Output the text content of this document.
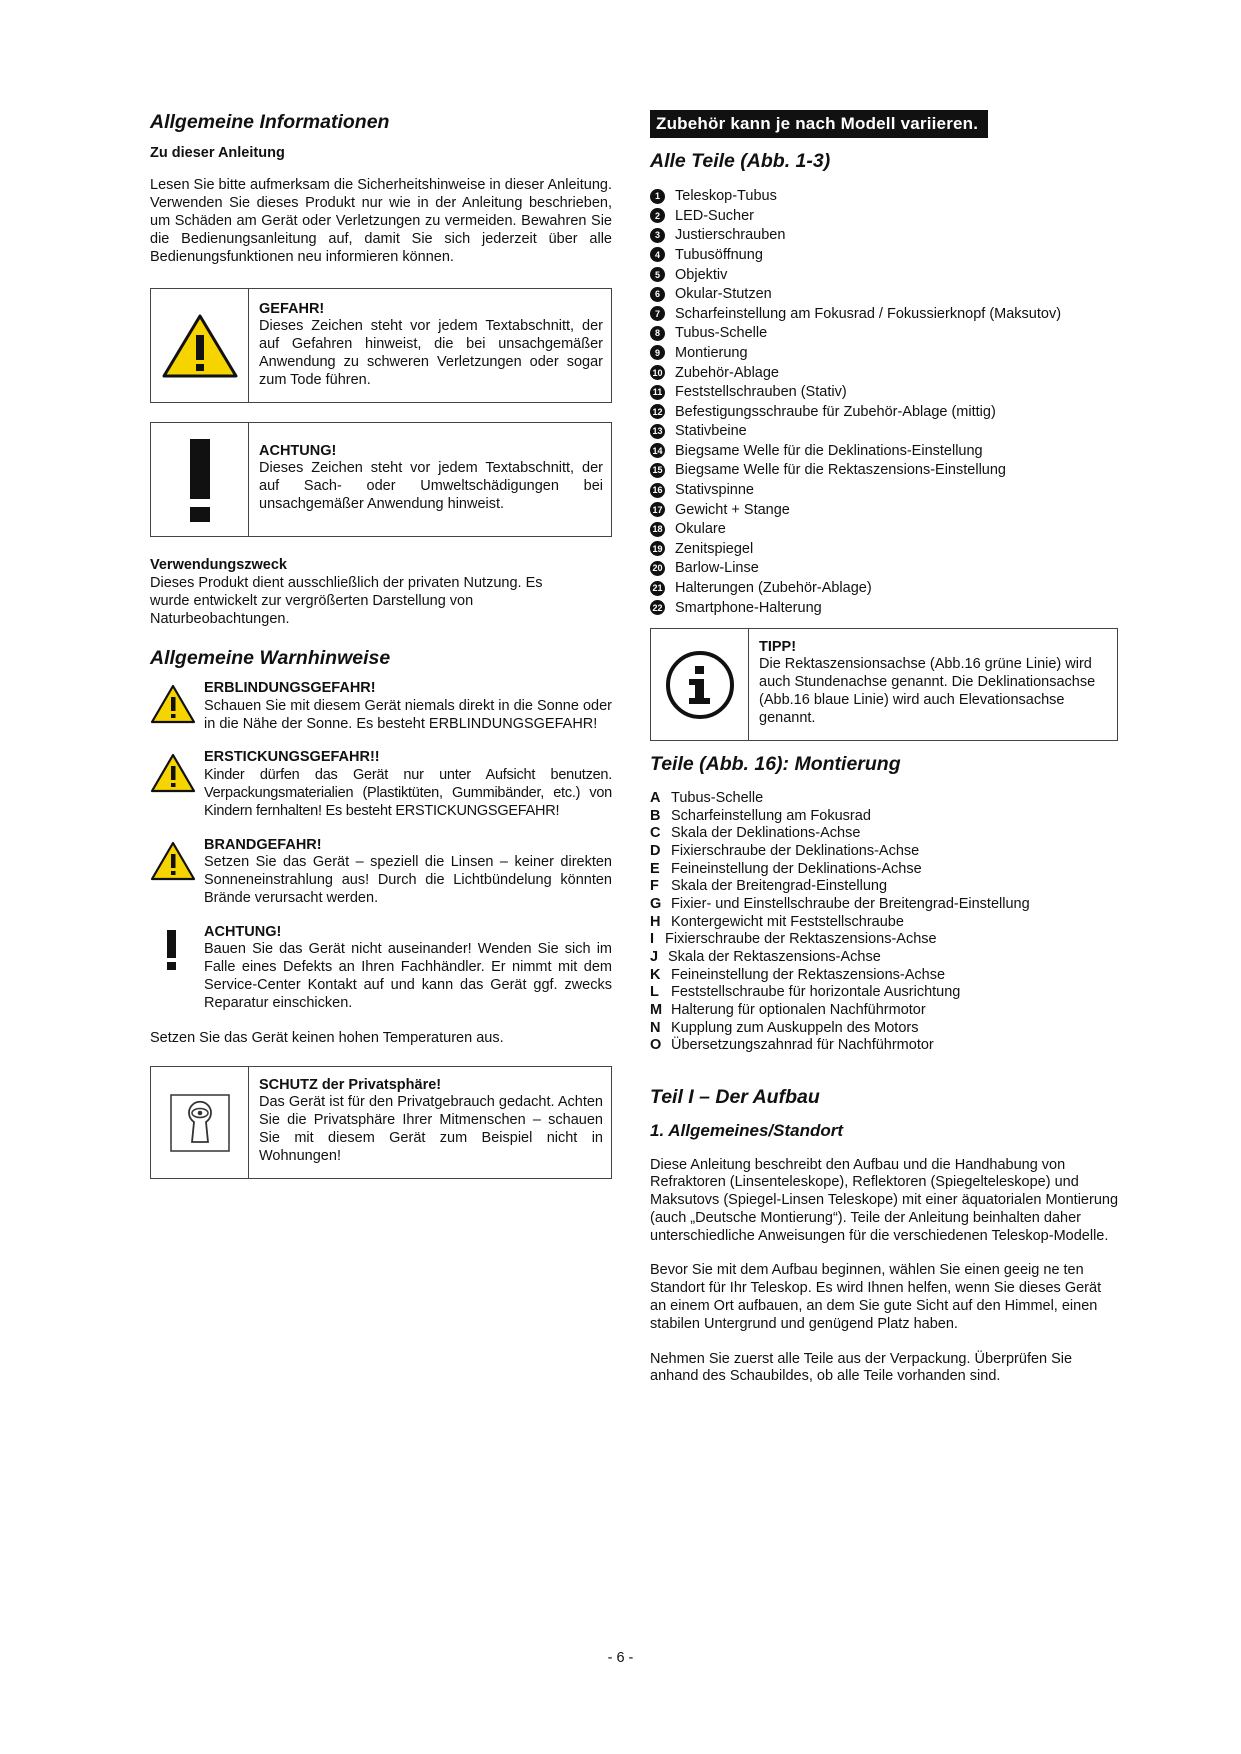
Allgemeine Informationen
Zu dieser Anleitung

Lesen Sie bitte aufmerksam die Sicherheitshinweise in dieser Anleitung. Verwenden Sie dieses Produkt nur wie in der Anleitung beschrieben, um Schäden am Gerät oder Verletzungen zu vermeiden. Bewahren Sie die Bedienungsanleitung auf, damit Sie sich jederzeit über alle Bedienungsfunktionen neu informieren können.

GEFAHR!
Dieses Zeichen steht vor jedem Textabschnitt, der auf Gefahren hinweist, die bei unsachgemäßer Anwendung zu schweren Verletzungen oder sogar zum Tode führen.
ACHTUNG!
Dieses Zeichen steht vor jedem Textabschnitt, der auf Sach- oder Umweltschädigungen bei unsachgemäßer Anwendung hinweist.
Verwendungszweck

Dieses Produkt dient ausschließlich der privaten Nutzung. Es wurde entwickelt zur vergrößerten Darstellung von Naturbeobachtungen.

Allgemeine Warnhinweise
ERBLINDUNGSGEFAHR!

Schauen Sie mit diesem Gerät niemals direkt in die Sonne oder in die Nähe der Sonne. Es besteht ERBLINDUNGSGEFAHR!

ERSTICKUNGSGEFAHR!!

Kinder dürfen das Gerät nur unter Aufsicht benutzen. Verpackungsmaterialien (Plastiktüten, Gummibänder, etc.) von Kindern fernhalten! Es besteht ERSTICKUNGSGEFAHR!

BRANDGEFAHR!

Setzen Sie das Gerät – speziell die Linsen – keiner direkten Sonneneinstrahlung aus! Durch die Lichtbündelung könnten Brände verursacht werden.

ACHTUNG!

Bauen Sie das Gerät nicht auseinander! Wenden Sie sich im Falle eines Defekts an Ihren Fachhändler. Er nimmt mit dem Service-Center Kontakt auf und kann das Gerät ggf. zwecks Reparatur einschicken.

Setzen Sie das Gerät keinen hohen Temperaturen aus.

SCHUTZ der Privatsphäre!
Das Gerät ist für den Privatgebrauch gedacht. Achten Sie die Privatsphäre Ihrer Mitmenschen – schauen Sie mit diesem Gerät zum Beispiel nicht in Wohnungen!
Zubehör kann je nach Modell variieren.
Alle Teile (Abb. 1-3)
1	Teleskop-Tubus
2	LED-Sucher
3	Justierschrauben
4	Tubusöffnung
5	Objektiv
6	Okular-Stutzen
7	Scharfeinstellung am Fokusrad / Fokussierknopf (Maksutov)
8	Tubus-Schelle
9	Montierung
10 Zubehör-Ablage
11 Feststellschrauben (Stativ)
12 Befestigungsschraube für Zubehör-Ablage (mittig)
13 Stativbeine
14 Biegsame Welle für die Deklinations-Einstellung
15 Biegsame Welle für die Rektaszensions-Einstellung
16 Stativspinne
17 Gewicht + Stange
18 Okulare
19 Zenitspiegel
20 Barlow-Linse
21 Halterungen (Zubehör-Ablage)
22 Smartphone-Halterung
TIPP!
Die Rektaszensionsachse (Abb.16 grüne Linie) wird auch Stundenachse genannt. Die Deklinationsachse (Abb.16 blaue Linie) wird auch Elevationsachse genannt.
Teile (Abb. 16): Montierung
A Tubus-Schelle
B Scharfeinstellung am Fokusrad
C Skala der Deklinations-Achse
D Fixierschraube der Deklinations-Achse
E Feineinstellung der Deklinations-Achse
F Skala der Breitengrad-Einstellung
G Fixier- und Einstellschraube der Breitengrad-Einstellung
H Kontergewicht mit Feststellschraube
I Fixierschraube der Rektaszensions-Achse
J Skala der Rektaszensions-Achse
K Feineinstellung der Rektaszensions-Achse
L Feststellschraube für horizontale Ausrichtung
M Halterung für optionalen Nachführmotor
N Kupplung zum Auskuppeln des Motors
O Übersetzungszahnrad für Nachführmotor
Teil I – Der Aufbau
1. Allgemeines/Standort

Diese Anleitung beschreibt den Aufbau und die Handhabung von Refraktoren (Linsenteleskope), Reflektoren (Spiegelteleskope) und Maksutovs (Spiegel-Linsen Teleskope) mit einer äquatorialen Montierung (auch „Deutsche Montierung“). Teile der Anleitung beinhalten daher unterschiedliche Anweisungen für die verschiedenen Teleskop-Modelle.

Bevor Sie mit dem Aufbau beginnen, wählen Sie einen geeig ne ten Standort für Ihr Teleskop. Es wird Ihnen helfen, wenn Sie dieses Gerät an einem Ort aufbauen, an dem Sie gute Sicht auf den Himmel, einen stabilen Untergrund und genügend Platz haben.

Nehmen Sie zuerst alle Teile aus der Verpackung. Überprüfen Sie anhand des Schaubildes, ob alle Teile vorhanden sind.

- 6 -
